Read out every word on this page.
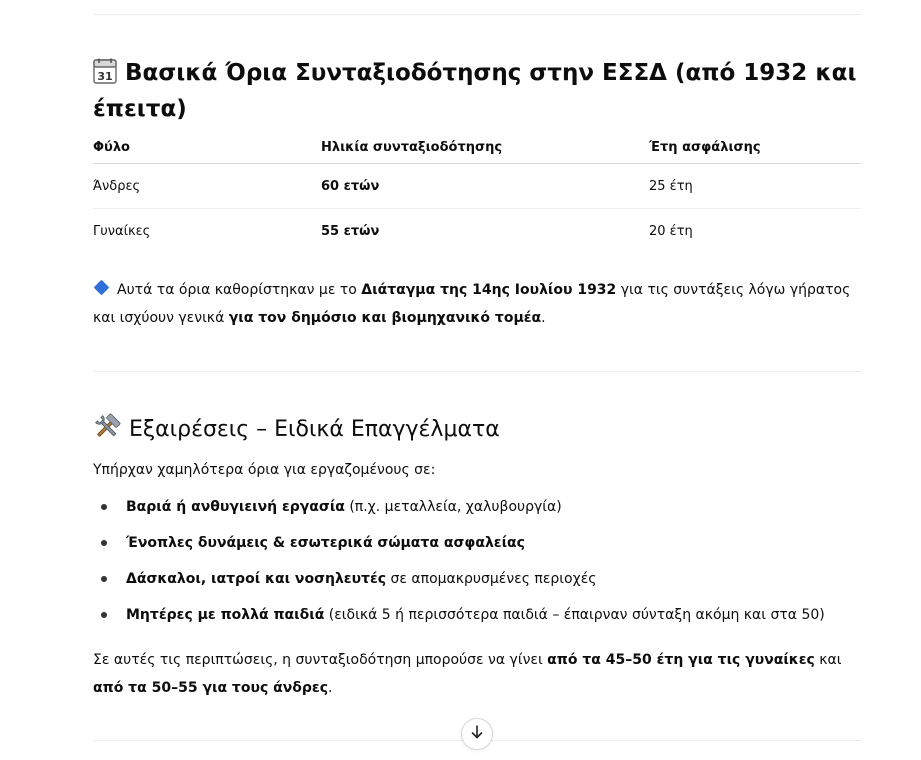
31 Βασικά Όρια Συνταξιοδότησης στην ΕΣΣΔ (από 1932 και έπειτα)
Φύλο	Ηλικία συνταξιοδότησης	Έτη ασφάλισης
Άνδρες	60 ετών	25 έτη
Γυναίκες	55 ετών	20 έτη

Αυτά τα όρια καθορίστηκαν με το Διάταγμα της 14ης Ιουλίου 1932 για τις συντάξεις λόγω γήρατος και ισχύουν γενικά για τον δημόσιο και βιομηχανικό τομέα.

Εξαιρέσεις – Ειδικά Επαγγέλματα
Υπήρχαν χαμηλότερα όρια για εργαζομένους σε:
Βαριά ή ανθυγιεινή εργασία (π.χ. μεταλλεία, χαλυβουργία)
Ένοπλες δυνάμεις & εσωτερικά σώματα ασφαλείας
Δάσκαλοι, ιατροί και νοσηλευτές σε απομακρυσμένες περιοχές
Μητέρες με πολλά παιδιά (ειδικά 5 ή περισσότερα παιδιά – έπαιρναν σύνταξη ακόμη και στα 50)

Σε αυτές τις περιπτώσεις, η συνταξιοδότηση μπορούσε να γίνει από τα 45–50 έτη για τις γυναίκες και από τα 50–55 για τους άνδρες.
